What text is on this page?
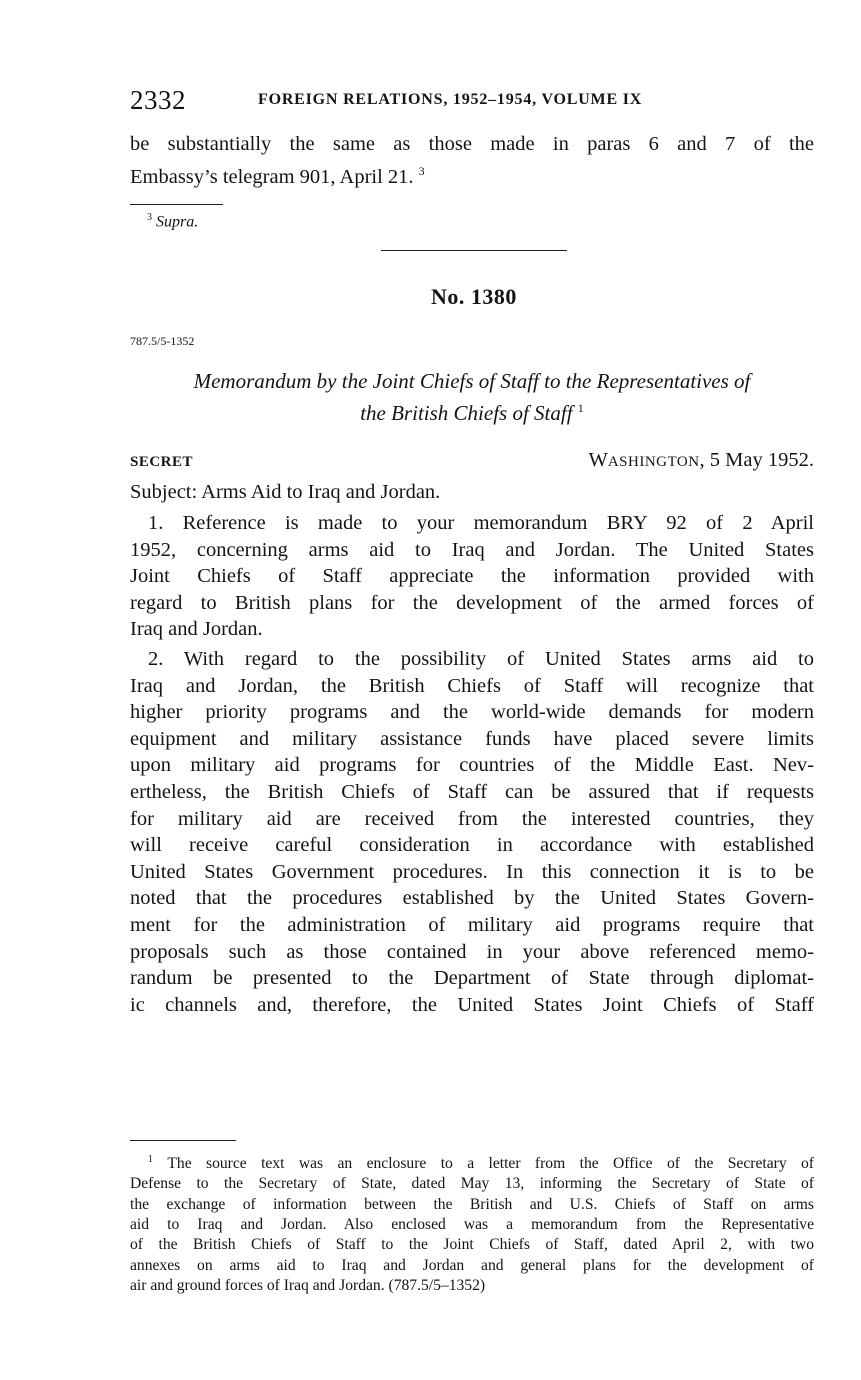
2332	FOREIGN RELATIONS, 1952–1954, VOLUME IX
be substantially the same as those made in paras 6 and 7 of the
Embassy’s telegram 901, April 21. $^3$
$^3$ Supra.
No. 1380
787.5/5-1352
Memorandum by the Joint Chiefs of Staff to the Representatives of
the British Chiefs of Staff $^1$
SECRET	WASHINGTON, 5 May 1952.
Subject: Arms Aid to Iraq and Jordan.
1. Reference is made to your memorandum BRY 92 of 2 April
1952, concerning arms aid to Iraq and Jordan. The United States
Joint Chiefs of Staff appreciate the information provided with
regard to British plans for the development of the armed forces of
Iraq and Jordan.
2. With regard to the possibility of United States arms aid to
Iraq and Jordan, the British Chiefs of Staff will recognize that
higher priority programs and the world-wide demands for modern
equipment and military assistance funds have placed severe limits
upon military aid programs for countries of the Middle East. Nev-
ertheless, the British Chiefs of Staff can be assured that if requests
for military aid are received from the interested countries, they
will receive careful consideration in accordance with established
United States Government procedures. In this connection it is to be
noted that the procedures established by the United States Govern-
ment for the administration of military aid programs require that
proposals such as those contained in your above referenced memo-
randum be presented to the Department of State through diplomat-
ic channels and, therefore, the United States Joint Chiefs of Staff
$^1$ The source text was an enclosure to a letter from the Office of the Secretary of
Defense to the Secretary of State, dated May 13, informing the Secretary of State of
the exchange of information between the British and U.S. Chiefs of Staff on arms
aid to Iraq and Jordan. Also enclosed was a memorandum from the Representative
of the British Chiefs of Staff to the Joint Chiefs of Staff, dated April 2, with two
annexes on arms aid to Iraq and Jordan and general plans for the development of
air and ground forces of Iraq and Jordan. (787.5/5–1352)
